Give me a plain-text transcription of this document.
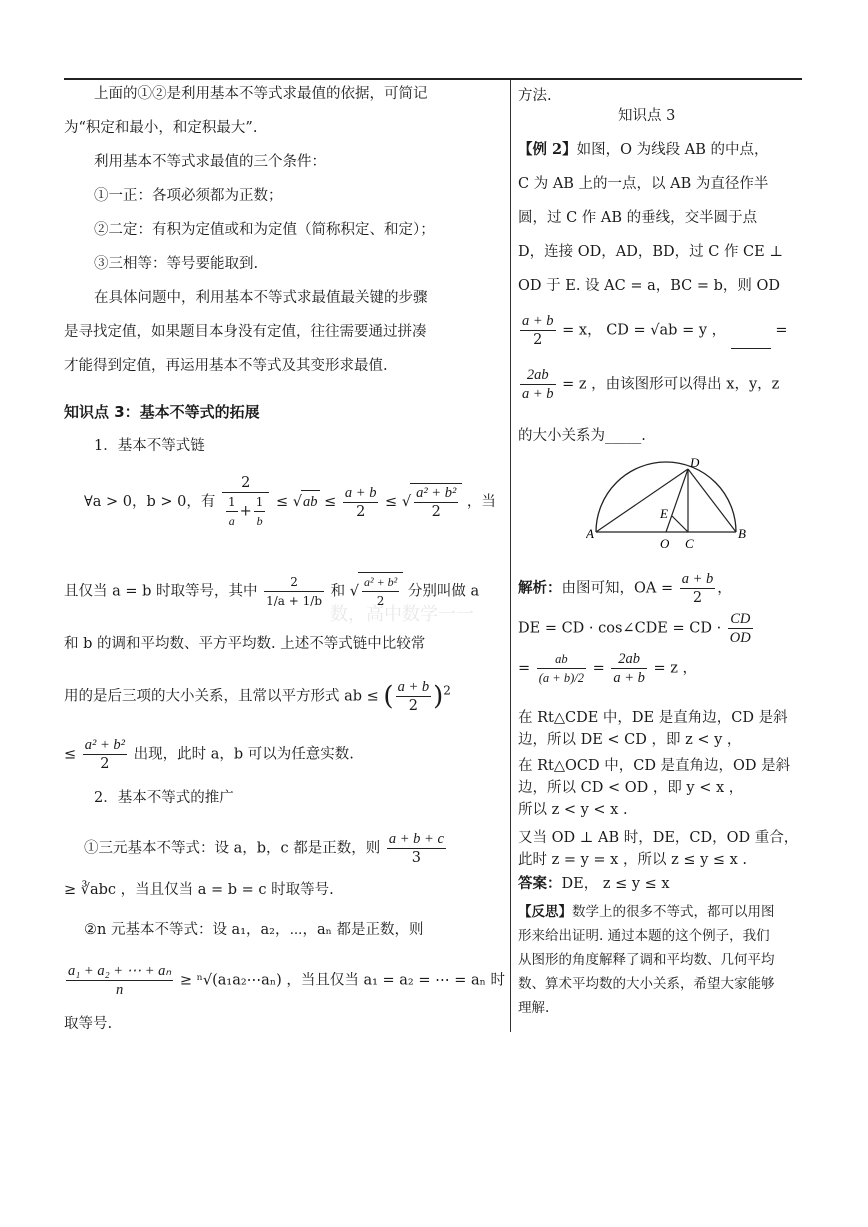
数，高中数学一一
上面的①②是利用基本不等式求最值的依据，可简记
为“积定和最小，和定积最大”.
利用基本不等式求最值的三个条件：
①一正：各项必须都为正数；
②二定：有积为定值或和为定值（简称积定、和定）；
③三相等：等号要能取到.
在具体问题中，利用基本不等式求最值最关键的步骤
是寻找定值，如果题目本身没有定值，往往需要通过拼凑
才能得到定值，再运用基本不等式及其变形求最值.
知识点 3：基本不等式的拓展
1．基本不等式链
∀a > 0，b > 0，有 $\frac{2}{\frac{1}{a} + \frac{1}{b}} \le √ab \le \frac{a + b}{2}$ ≤ √ $\frac{\text{a² + b²}}{2}$ ，当
且仅当 a = b 时取等号，其中 $\frac{2}{1/a + 1/b}$ 和 √ $\frac{\text{a² + b²}}{2}$ 分别叫做 a
和 b 的调和平均数、平方平均数. 上述不等式链中比较常
用的是后三项的大小关系，且常以平方形式 ab ≤ ( $\frac{a + b}{2} )^2$
≤ $\frac{\text{a² + b²}}{2}$ 出现，此时 a，b 可以为任意实数.
2．基本不等式的推广
①三元基本不等式：设 a，b，c 都是正数，则 $\frac{a + b + c}{3}$
≥ ∛abc ，当且仅当 a = b = c 时取等号.
②n 元基本不等式：设 a₁，a₂，⋯，aₙ 都是正数，则
$\frac{\text{a₁ + a₂ + ⋯ + aₙ}}{n}$ ≥ ⁿ√(a₁a₂⋯aₙ) ，当且仅当 a₁ = a₂ = ⋯ = aₙ 时
取等号.
方法.
知识点 3
【例 2】如图，O 为线段 AB 的中点，
C 为 AB 上的一点，以 AB 为直径作半
圆，过 C 作 AB 的垂线，交半圆于点
D，连接 OD，AD，BD，过 C 作 CE ⊥
OD 于 E. 设 AC = a，BC = b，则 OD
$\frac{a + b}{2} = x$， CD = √ab = y ，	=
$\frac{2ab}{a + b} = z$ ，由该图形可以得出 x，y，z
的大小关系为_____.
D
A	B
O C
E
解析：由图可知，OA = $\frac{a + b}{2}$ ，
DE = CD · cos∠CDE = CD · $\frac{CD}{OD}$
= $\frac{ab}{(a + b)/2} = \frac{2ab}{a + b} = z$ ，
在 Rt△CDE 中，DE 是直角边，CD 是斜
边，所以 DE < CD ，即 z < y ，
在 Rt△OCD 中，CD 是直角边，OD 是斜
边，所以 CD < OD ，即 y < x ，
所以 z < y < x .
又当 OD ⊥ AB 时，DE，CD，OD 重合，
此时 z = y = x ，所以 z ≤ y ≤ x .
答案：DE， z ≤ y ≤ x
【反思】数学上的很多不等式，都可以用图
形来给出证明. 通过本题的这个例子，我们
从图形的角度解释了调和平均数、几何平均
数、算术平均数的大小关系，希望大家能够
理解.
